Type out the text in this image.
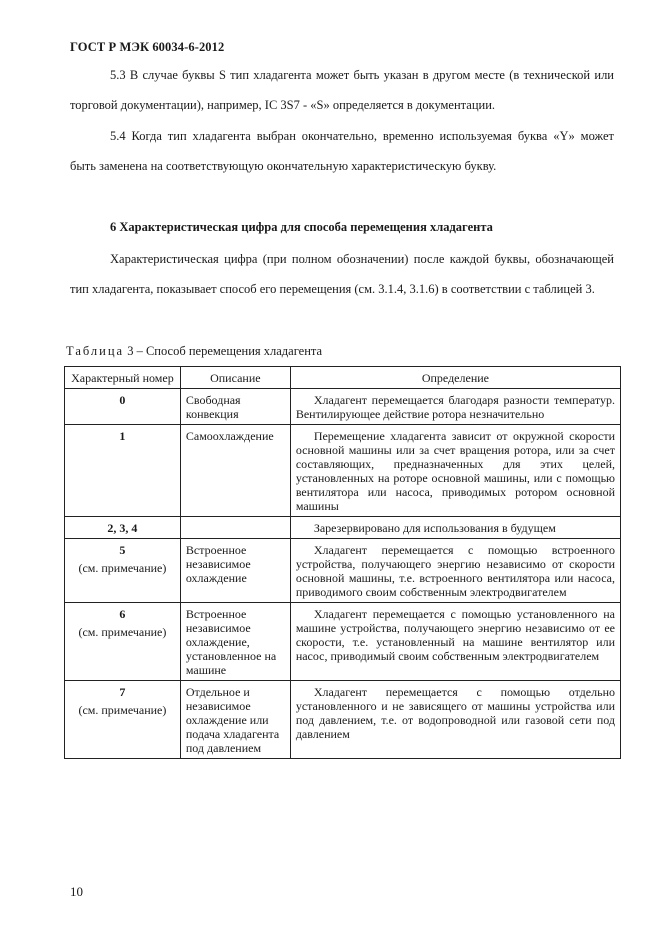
ГОСТ Р МЭК 60034-6-2012

5.3 В случае буквы S тип хладагента может быть указан в другом месте (в технической или торговой документации), например, IC 3S7 - «S» определяется в документации.

5.4 Когда тип хладагента выбран окончательно, временно используемая буква «Y» может быть заменена на соответствующую окончательную характеристическую букву.

6 Характеристическая цифра для способа перемещения хладагента

Характеристическая цифра (при полном обозначении) после каждой буквы, обозначающей тип хладагента, показывает способ его перемещения (см. 3.1.4, 3.1.6) в соответствии с таблицей 3.

Таблица 3 – Способ перемещения хладагента
Характерный номер	Описание	Определение

0	Свободная конвекция	Хладагент перемещается благодаря разности температур. Вентилирующее действие ротора незначительно

1	Самоохлаждение	Перемещение хладагента зависит от окружной скорости основной машины или за счет вращения ротора, или за счет составляющих, предназначенных для этих целей, установленных на роторе основной машины, или с помощью вентилятора или насоса, приводимых ротором основной машины

2, 3, 4		Зарезервировано для использования в будущем

5
(см. примечание)	Встроенное независимое охлаждение	Хладагент перемещается с помощью встроенного устройства, получающего энергию независимо от скорости основной машины, т.е. встроенного вентилятора или насоса, приводимого своим собственным электродвигателем

6
(см. примечание)	Встроенное независимое охлаждение, установленное на машине	Хладагент перемещается с помощью установленного на машине устройства, получающего энергию независимо от ее скорости, т.е. установленный на машине вентилятор или насос, приводимый своим собственным электродвигателем

7
(см. примечание)	Отдельное и независимое охлаждение или подача хладагента под давлением	Хладагент перемещается с помощью отдельно установленного и не зависящего от машины устройства или под давлением, т.е. от водопроводной или газовой сети под давлением
10
